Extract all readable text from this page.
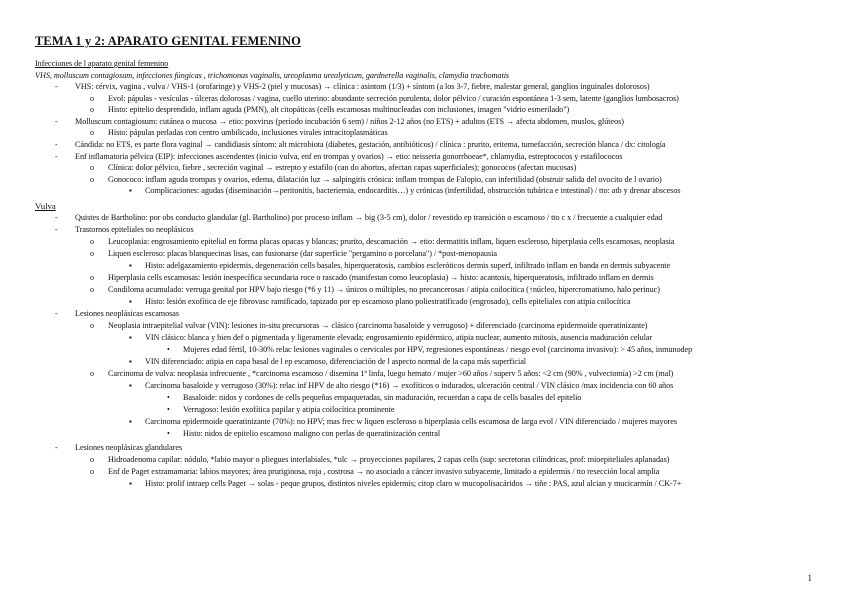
TEMA 1 y 2: APARATO GENITAL FEMENINO
Infecciones de l aparato genital femenino
VHS, molluscum contagiosum, infecciones fúngicas , trichomonas vaginalis, ureoplasma urealyticum, gardnerella vaginalis, clamydia trachomatis
VHS: cérvix, vagina , vulva / VHS-1 (orofaringe) y VHS-2 (piel y mucosas) → clínica : asintom (1/3) + síntom (a los 3-7, fiebre, malestar general, ganglios inguinales dolorosos)
-
Evol: pápulas - vesículas - úlceras dolorosas / vagina, cuello uterino: abundante secreción purulenta, dolor pélvico / curación espontánea 1-3 sem, latente (ganglios lumbosacros)
o
Histo: epitelio desprendido, inflam aguda (PMN), alt citopáticas (cells escamosas multinucleadas con inclusiones, imagen "vidrio esmerilado")
o
Molluscum contagiosum: cutánea o mucosa → etio: poxvirus (período incubación 6 sem) / niños 2-12 años (no ETS) + adultos (ETS → afecta abdomen, muslos, glúteos)
-
Histo: pápulas perladas con centro umbilicado, inclusiones virales intracitoplasmáticas
o
Cándida: no ETS, es parte flora vaginal → candidiasis síntom: alt microbiota (diabetes, gestación, antibióticos) / clínica : prurito, eritema, tumefacción, secreción blanca / dx: citología
-
Enf inflamatoria pélvica (EIP): infecciones ascendentes (inicio vulva, enf en trompas y ovarios) → etio: neisseria gonorrhoeae*, chlamydia, estreptococos y estafilococos
-
Clínica: dolor pélvico, fiebre , secreción vaginal → estrepto y estafilo (can do abortos, afectan capas superficiales); gonococos (afectan mucosas)
o
Gonococo: inflam aguda trompas y ovarios, edema, dilatación luz → salpingitis crónica: inflam trompas de Falopio, can infertilidad (obstruir salida del ovocito de l ovario)
o
Complicaciones: agudas (diseminación→peritonitis, bacteriemia, endocarditis…) y crónicas (infertilidad, obstrucción tubárica e intestinal) / tto: atb y drenar abscesos
▪
Vulva
Quistes de Bartholino: por obs conducto glandular (gl. Bartholino) por proceso inflam → big (3-5 cm), dolor / revestido ep transición o escamoso / tto c x / frecuente a cualquier edad
-
Trastornos epiteliales no neoplásicos
-
Leucoplasia: engrosamiento epitelial en forma placas opacas y blancas; prurito, descamación → etio: dermatitis inflam, liquen escleroso, hiperplasia cells escamosas, neoplasia
o
Liquen escleroso: placas blanquecinas lisas, can fusionarse (dar superficie "pergamino o porcelana") / *post-menopausia
o
Histo: adelgazamiento epidermis, degeneración cells basales, hiperqueratosis, cambios escleróticos dermis superf, infiltrado inflam en banda en dermis subyacente
▪
Hiperplasia cells escamosas: lesión inespecífica secundaria roce o rascado (manifestan como leucoplasia) → histo: acantosis, hiperqueratosis, infiltrado inflam en dermis
o
Condiloma acumulado: verruga genital por HPV bajo riesgo (*6 y 11) → únicos o múltiples, no precancerosas / atipia coilocítica (↑núcleo, hipercromatismo, halo perinuc)
o
Histo: lesión exofítica de eje fibrovasc ramificado, tapizado por ep escamoso plano poliestratificado (engrosado), cells epiteliales con atipia coilocítica
▪
Lesiones neoplásicas escamosas
-
Neoplasia intraepitelial vulvar (VIN): lesiones in-situ precursoras → clásico (carcinoma basaloide y verrugoso) + diferenciado (carcinoma epidermoide queratinizante)
o
VIN clásico: blanca y bien def o pigmentada y ligeramente elevada; engrosamiento epidérmico, atipia nuclear, aumento mitosis, ausencia maduración celular
▪
Mujeres edad fértil, 10-30% relac lesiones vaginales o cervicales por HPV, regresiones espontáneas / riesgo evol (carcinoma invasivo): > 45 años, inmunodep
•
VIN diferenciado: atipia en capa basal de l ep escamoso, diferenciación de l aspecto normal de la capa más superficial
▪
Carcinoma de vulva: neoplasia infrecuente , *carcinoma escamoso / disemina 1ª linfa, luego hemato / mujer >60 años / superv 5 años: <2 cm (90% , vulvectomía) >2 cm (mal)
o
Carcinoma basaloide y verrugoso (30%): relac inf HPV de alto riesgo (*16) → exofíticos o indurados, ulceración central / VIN clásico /max incidencia con 60 años
▪
Basaloide: nidos y cordones de cells pequeñas empaquetadas, sin maduración, recuerdan a capa de cells basales del epitelio
•
Verrugoso: lesión exofítica papilar y atipia coilocítica prominente
•
Carcinoma epidermoide queratinizante (70%): no HPV; mas frec w liquen escleroso o hiperplasia cells escamosa de larga evol / VIN diferenciado / mujeres mayores
▪
Histo: nidos de epitelio escamoso maligno con perlas de queratinización central
•
Lesiones neoplásicas glandulares
-
Hidroadenoma capilar: nódulo, *labio mayor o pliegues interlabiales, *ulc → proyecciones papilares, 2 capas cells (sup: secretoras cilíndricas, prof: mioepiteliales aplanadas)
o
Enf de Paget extramamaria: labios mayores; área pruriginosa, roja , costrosa → no asociado a cáncer invasivo subyacente, limitado a epidermis / tto resección local amplia
o
Histo: prolif intraep cells Paget → solas - peque grupos, distintos niveles epidermis; citop claro w mucopolisacáridos → tiñe : PAS, azul alcian y mucicarmín / CK-7+
▪
1
